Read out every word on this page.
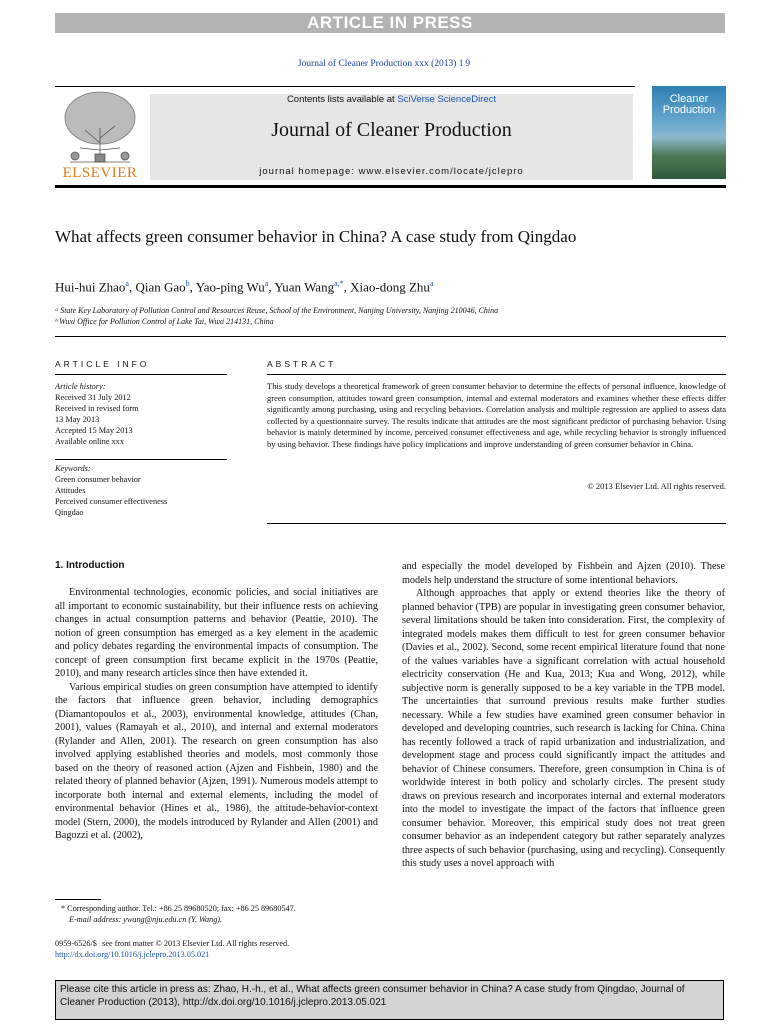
ARTICLE IN PRESS
Journal of Cleaner Production xxx (2013) 1 9
ELSEVIER
Contents lists available at SciVerse ScienceDirect
Journal of Cleaner Production
journal homepage: www.elsevier.com/locate/jclepro
Cleaner
Production
What affects green consumer behavior in China? A case study from Qingdao
Hui-hui Zhao$^a$, Qian Gao$^b$, Yao-ping Wu$^a$, Yuan Wang$^{a,*}$, Xiao-dong Zhu$^a$
ᵃ State Key Laboratory of Pollution Control and Resources Reuse, School of the Environment, Nanjing University, Nanjing 210046, China
ᵇ Wuxi Office for Pollution Control of Lake Tai, Wuxi 214131, China
ARTICLE INFO	ABSTRACT
Article history:
Received 31 July 2012
Received in revised form
13 May 2013
Accepted 15 May 2013
Available online xxx
Keywords:
Green consumer behavior
Attitudes
Perceived consumer effectiveness
Qingdao
This study develops a theoretical framework of green consumer behavior to determine the effects of personal influence, knowledge of green consumption, attitudes toward green consumption, internal and external moderators and examines whether these effects differ significantly among purchasing, using and recycling behaviors. Correlation analysis and multiple regression are applied to assess data collected by a questionnaire survey. The results indicate that attitudes are the most significant predictor of purchasing behavior. Using behavior is mainly determined by income, perceived consumer effectiveness and age, while recycling behavior is strongly influenced by using behavior. These findings have policy implications and improve understanding of green consumer behavior in China.
© 2013 Elsevier Ltd. All rights reserved.
1. Introduction

Environmental technologies, economic policies, and social initiatives are all important to economic sustainability, but their influence rests on achieving changes in actual consumption patterns and behavior (Peattie, 2010). The notion of green consumption has emerged as a key element in the academic and policy debates regarding the environmental impacts of consumption. The concept of green consumption first became explicit in the 1970s (Peattie, 2010), and many research articles since then have extended it.

Various empirical studies on green consumption have attempted to identify the factors that influence green behavior, including demographics (Diamantopoulos et al., 2003), environmental knowledge, attitudes (Chan, 2001), values (Ramayah et al., 2010), and internal and external moderators (Rylander and Allen, 2001). The research on green consumption has also involved applying established theories and models, most commonly those based on the theory of reasoned action (Ajzen and Fishbein, 1980) and the related theory of planned behavior (Ajzen, 1991). Numerous models attempt to incorporate both internal and external elements, including the model of environmental behavior (Hines et al., 1986), the attitude-behavior-context model (Stern, 2000), the models introduced by Rylander and Allen (2001) and Bagozzi et al. (2002),

and especially the model developed by Fishbein and Ajzen (2010). These models help understand the structure of some intentional behaviors.

Although approaches that apply or extend theories like the theory of planned behavior (TPB) are popular in investigating green consumer behavior, several limitations should be taken into consideration. First, the complexity of integrated models makes them difficult to test for green consumer behavior (Davies et al., 2002). Second, some recent empirical literature found that none of the values variables have a significant correlation with actual household electricity conservation (He and Kua, 2013; Kua and Wong, 2012), while subjective norm is generally supposed to be a key variable in the TPB model. The uncertainties that surround previous results make further studies necessary. While a few studies have examined green consumer behavior in developed and developing countries, such research is lacking for China. China has recently followed a track of rapid urbanization and industrialization, and development stage and process could significantly impact the attitudes and behavior of Chinese consumers. Therefore, green consumption in China is of worldwide interest in both policy and scholarly circles. The present study draws on previous research and incorporates internal and external moderators into the model to investigate the impact of the factors that influence green consumer behavior. Moreover, this empirical study does not treat green consumer behavior as an independent category but rather separately analyzes three aspects of such behavior (purchasing, using and recycling). Consequently this study uses a novel approach with

* Corresponding author. Tel.: +86 25 89680520; fax: +86 25 89680547.
E-mail address: ywang@nju.edu.cn (Y. Wang).
0959-6526/$   see front matter © 2013 Elsevier Ltd. All rights reserved.
http://dx.doi.org/10.1016/j.jclepro.2013.05.021
Please cite this article in press as: Zhao, H.-h., et al., What affects green consumer behavior in China? A case study from Qingdao, Journal of Cleaner Production (2013), http://dx.doi.org/10.1016/j.jclepro.2013.05.021
